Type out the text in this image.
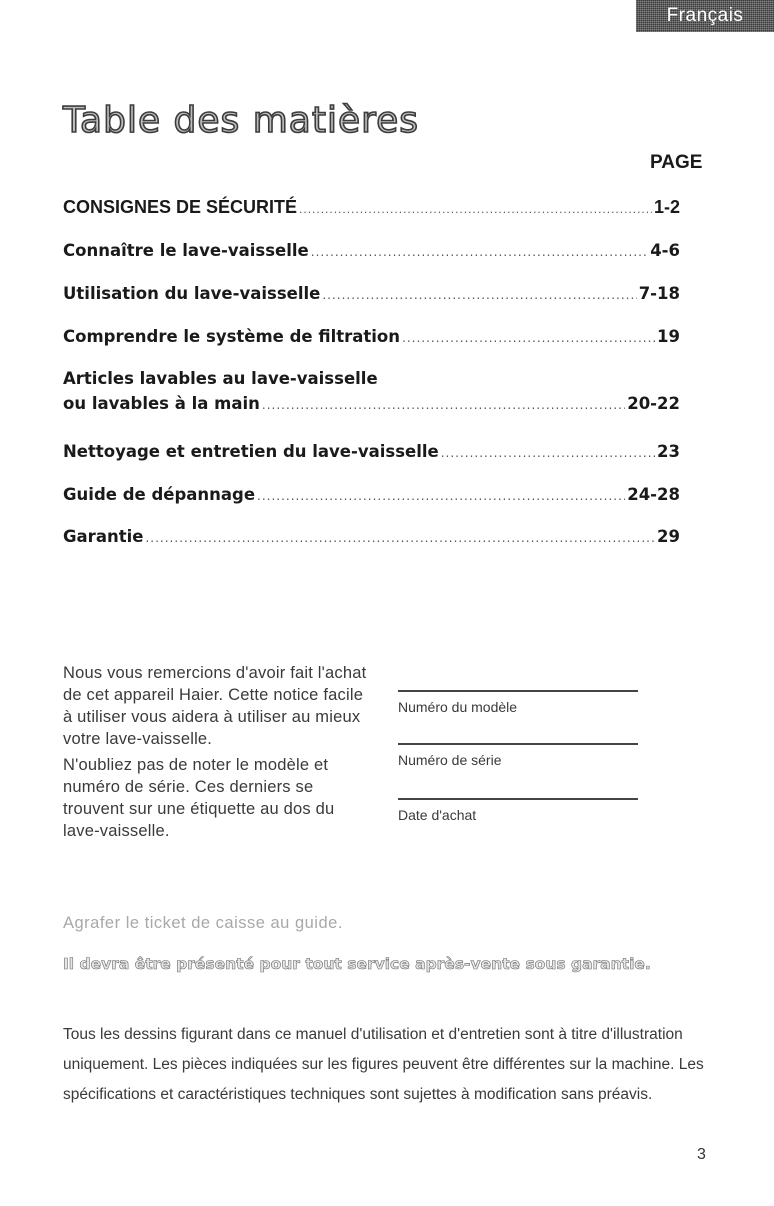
Français
Table des matières
PAGE
CONSIGNES DE SÉCURITÉ .....	1-2
Connaître le lave-vaisselle .....	4-6
Utilisation du lave-vaisselle .....	7-18
Comprendre le système de filtration .....	19
Articles lavables au lave-vaisselle
ou lavables à la main .....	20-22
Nettoyage et entretien du lave-vaisselle .....	23
Guide de dépannage .....	24-28
Garantie .....	29

Nous vous remercions d'avoir fait l'achat de cet appareil Haier. Cette notice facile à utiliser vous aidera à utiliser au mieux votre lave-vaisselle.

N'oubliez pas de noter le modèle et numéro de série. Ces derniers se trouvent sur une étiquette au dos du lave-vaisselle.

Numéro du modèle
Numéro de série
Date d'achat

Agrafer le ticket de caisse au guide.

Il devra être présenté pour tout service après-vente sous garantie.

Tous les dessins figurant dans ce manuel d'utilisation et d'entretien sont à titre d'illustration uniquement. Les pièces indiquées sur les figures peuvent être différentes sur la machine. Les spécifications et caractéristiques techniques sont sujettes à modification sans préavis.

3
